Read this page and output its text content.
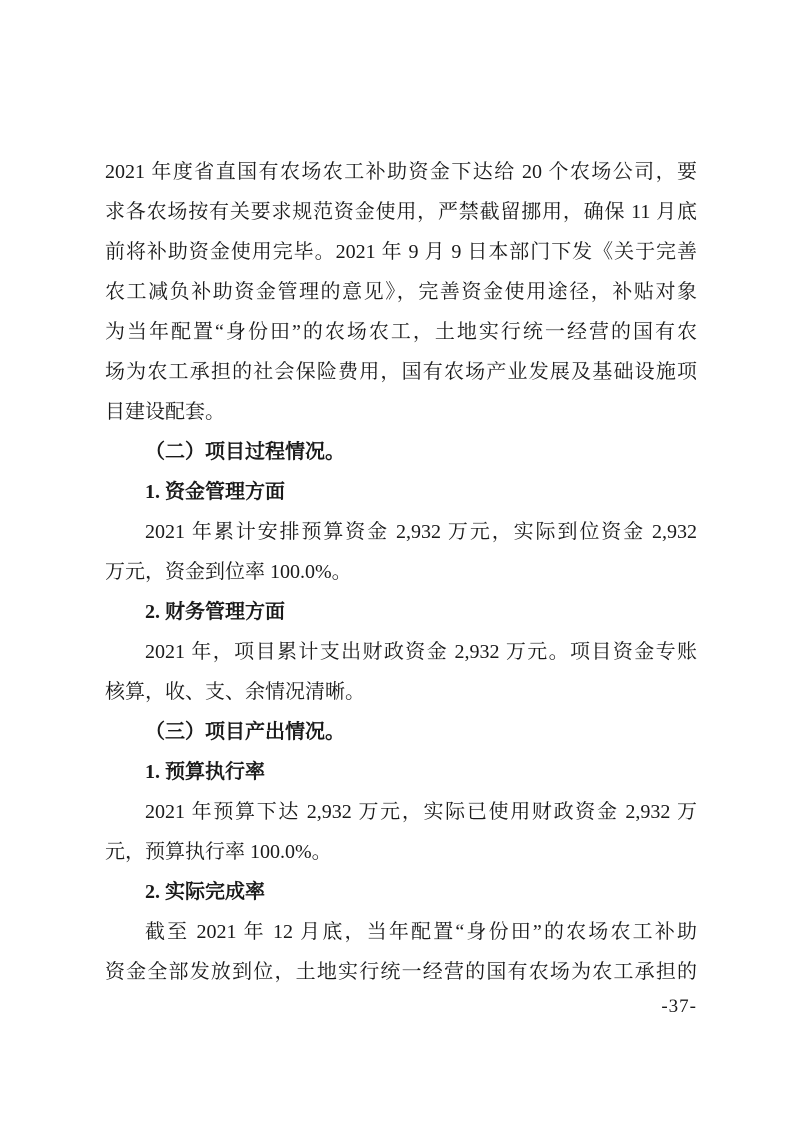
2021 年度省直国有农场农工补助资金下达给 20 个农场公司，要
求各农场按有关要求规范资金使用，严禁截留挪用，确保 11 月底
前将补助资金使用完毕。2021 年 9 月 9 日本部门下发《关于完善
农工减负补助资金管理的意见》，完善资金使用途径，补贴对象
为当年配置“身份田”的农场农工，土地实行统一经营的国有农
场为农工承担的社会保险费用，国有农场产业发展及基础设施项
目建设配套。
（二）项目过程情况。
1. 资金管理方面
2021 年累计安排预算资金 2,932 万元，实际到位资金 2,932
万元，资金到位率 100.0%。
2. 财务管理方面
2021 年，项目累计支出财政资金 2,932 万元。项目资金专账
核算，收、支、余情况清晰。
（三）项目产出情况。
1. 预算执行率
2021 年预算下达 2,932 万元，实际已使用财政资金 2,932 万
元，预算执行率 100.0%。
2. 实际完成率
截至 2021 年 12 月底，当年配置“身份田”的农场农工补助
资金全部发放到位，土地实行统一经营的国有农场为农工承担的
-37-
